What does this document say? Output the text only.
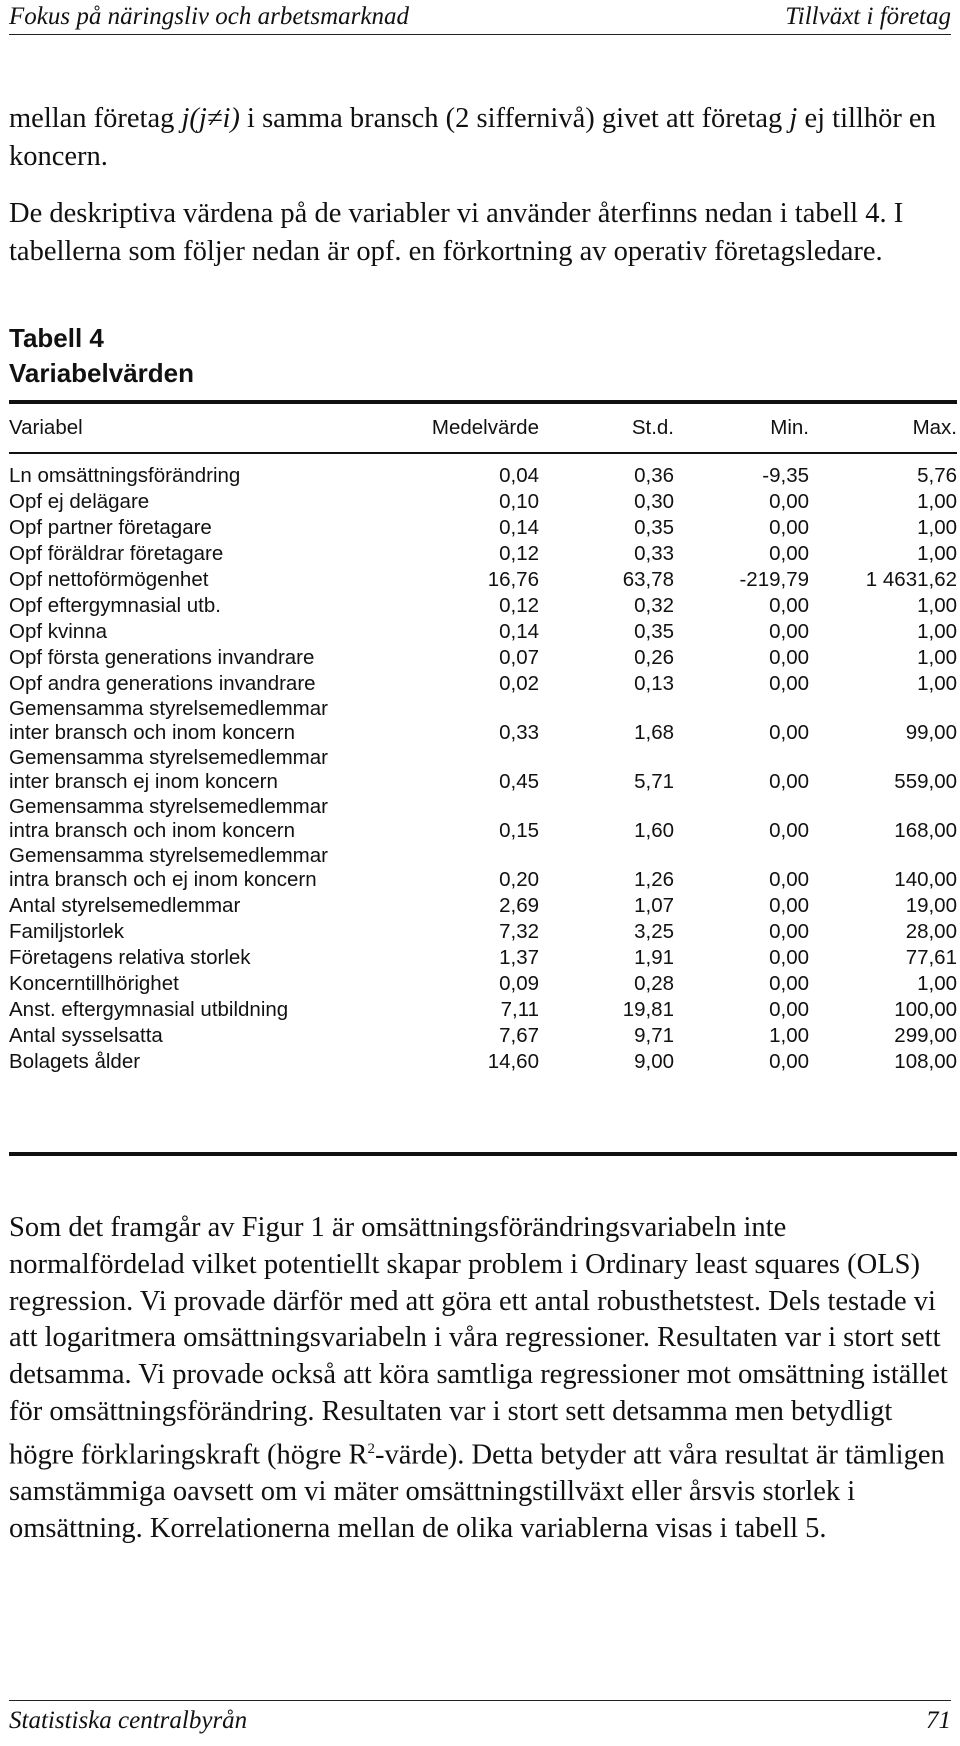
Fokus på näringsliv och arbetsmarknad	Tillväxt i företag

mellan företag j(j≠i) i samma bransch (2 siffernivå) givet att företag j ej tillhör en koncern.

De deskriptiva värdena på de variabler vi använder återfinns nedan i tabell 4. I tabellerna som följer nedan är opf. en förkortning av operativ företagsledare.

Tabell 4
Variabelvärden
Variabel	Medelvärde	St.d.	Min.	Max.
Ln omsättningsförändring	0,04	0,36	-9,35	5,76
Opf ej delägare	0,10	0,30	0,00	1,00
Opf partner företagare	0,14	0,35	0,00	1,00
Opf föräldrar företagare	0,12	0,33	0,00	1,00
Opf nettoförmögenhet	16,76	63,78	-219,79	1 4631,62
Opf eftergymnasial utb.	0,12	0,32	0,00	1,00
Opf kvinna	0,14	0,35	0,00	1,00
Opf första generations invandrare	0,07	0,26	0,00	1,00
Opf andra generations invandrare	0,02	0,13	0,00	1,00
Gemensamma styrelsemedlemmar
inter bransch och inom koncern	0,33	1,68	0,00	99,00
Gemensamma styrelsemedlemmar
inter bransch ej inom koncern	0,45	5,71	0,00	559,00
Gemensamma styrelsemedlemmar
intra bransch och inom koncern	0,15	1,60	0,00	168,00
Gemensamma styrelsemedlemmar
intra bransch och ej inom koncern	0,20	1,26	0,00	140,00
Antal styrelsemedlemmar	2,69	1,07	0,00	19,00
Familjstorlek	7,32	3,25	0,00	28,00
Företagens relativa storlek	1,37	1,91	0,00	77,61
Koncerntillhörighet	0,09	0,28	0,00	1,00
Anst. eftergymnasial utbildning	7,11	19,81	0,00	100,00
Antal sysselsatta	7,67	9,71	1,00	299,00
Bolagets ålder	14,60	9,00	0,00	108,00

Som det framgår av Figur 1 är omsättningsförändringsvariabeln inte normalfördelad vilket potentiellt skapar problem i Ordinary least squares (OLS) regression. Vi provade därför med att göra ett antal robusthetstest. Dels testade vi att logaritmera omsättningsvariabeln i våra regressioner. Resultaten var i stort sett detsamma. Vi provade också att köra samtliga regressioner mot omsättning istället för omsättningsförändring. Resultaten var i stort sett detsamma men betydligt högre förklaringskraft (högre $R^2-värde$). Detta betyder att våra resultat är tämligen samstämmiga oavsett om vi mäter omsättningstillväxt eller årsvis storlek i omsättning. Korrelationerna mellan de olika variablerna visas i tabell 5.

Statistiska centralbyrån	71
